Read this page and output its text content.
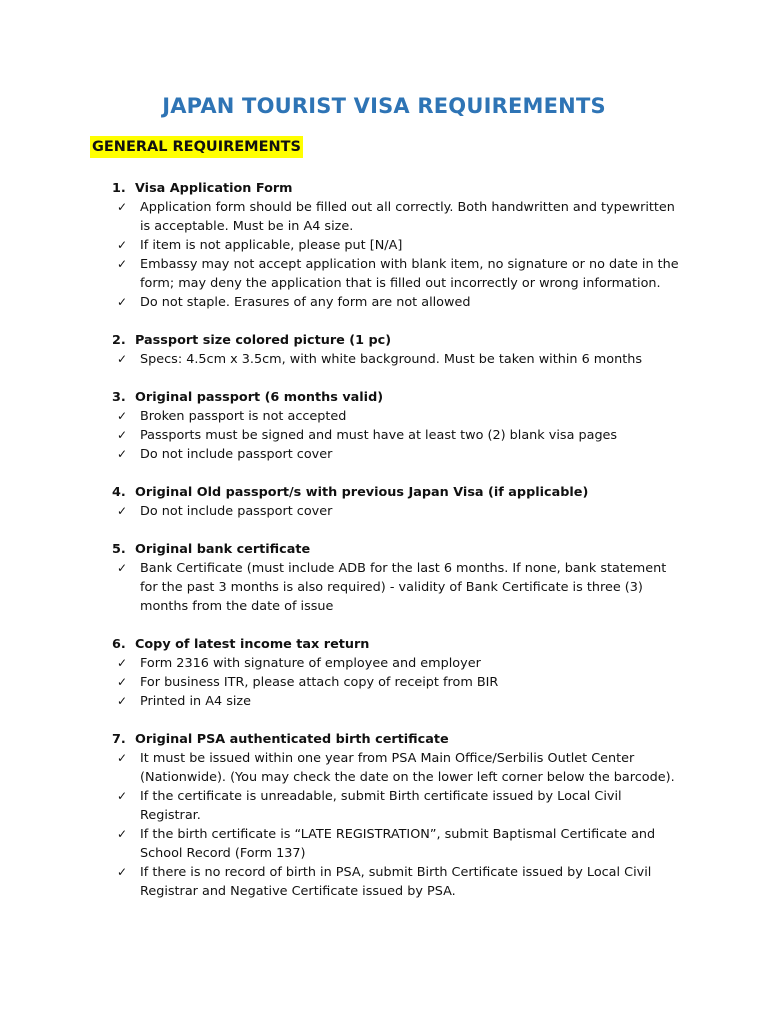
JAPAN TOURIST VISA REQUIREMENTS
GENERAL REQUIREMENTS
1. Visa Application Form
✓ Application form should be filled out all correctly. Both handwritten and typewritten is acceptable. Must be in A4 size.
✓ If item is not applicable, please put [N/A]
✓ Embassy may not accept application with blank item, no signature or no date in the form; may deny the application that is filled out incorrectly or wrong information.
✓ Do not staple. Erasures of any form are not allowed
2. Passport size colored picture (1 pc)
✓ Specs: 4.5cm x 3.5cm, with white background. Must be taken within 6 months
3. Original passport (6 months valid)
✓ Broken passport is not accepted
✓ Passports must be signed and must have at least two (2) blank visa pages
✓ Do not include passport cover
4. Original Old passport/s with previous Japan Visa (if applicable)
✓ Do not include passport cover
5. Original bank certificate
✓ Bank Certificate (must include ADB for the last 6 months. If none, bank statement for the past 3 months is also required) - validity of Bank Certificate is three (3) months from the date of issue
6. Copy of latest income tax return
✓ Form 2316 with signature of employee and employer
✓ For business ITR, please attach copy of receipt from BIR
✓ Printed in A4 size
7. Original PSA authenticated birth certificate
✓ It must be issued within one year from PSA Main Office/Serbilis Outlet Center (Nationwide). (You may check the date on the lower left corner below the barcode).
✓ If the certificate is unreadable, submit Birth certificate issued by Local Civil Registrar.
✓ If the birth certificate is “LATE REGISTRATION”, submit Baptismal Certificate and School Record (Form 137)
✓ If there is no record of birth in PSA, submit Birth Certificate issued by Local Civil Registrar and Negative Certificate issued by PSA.
